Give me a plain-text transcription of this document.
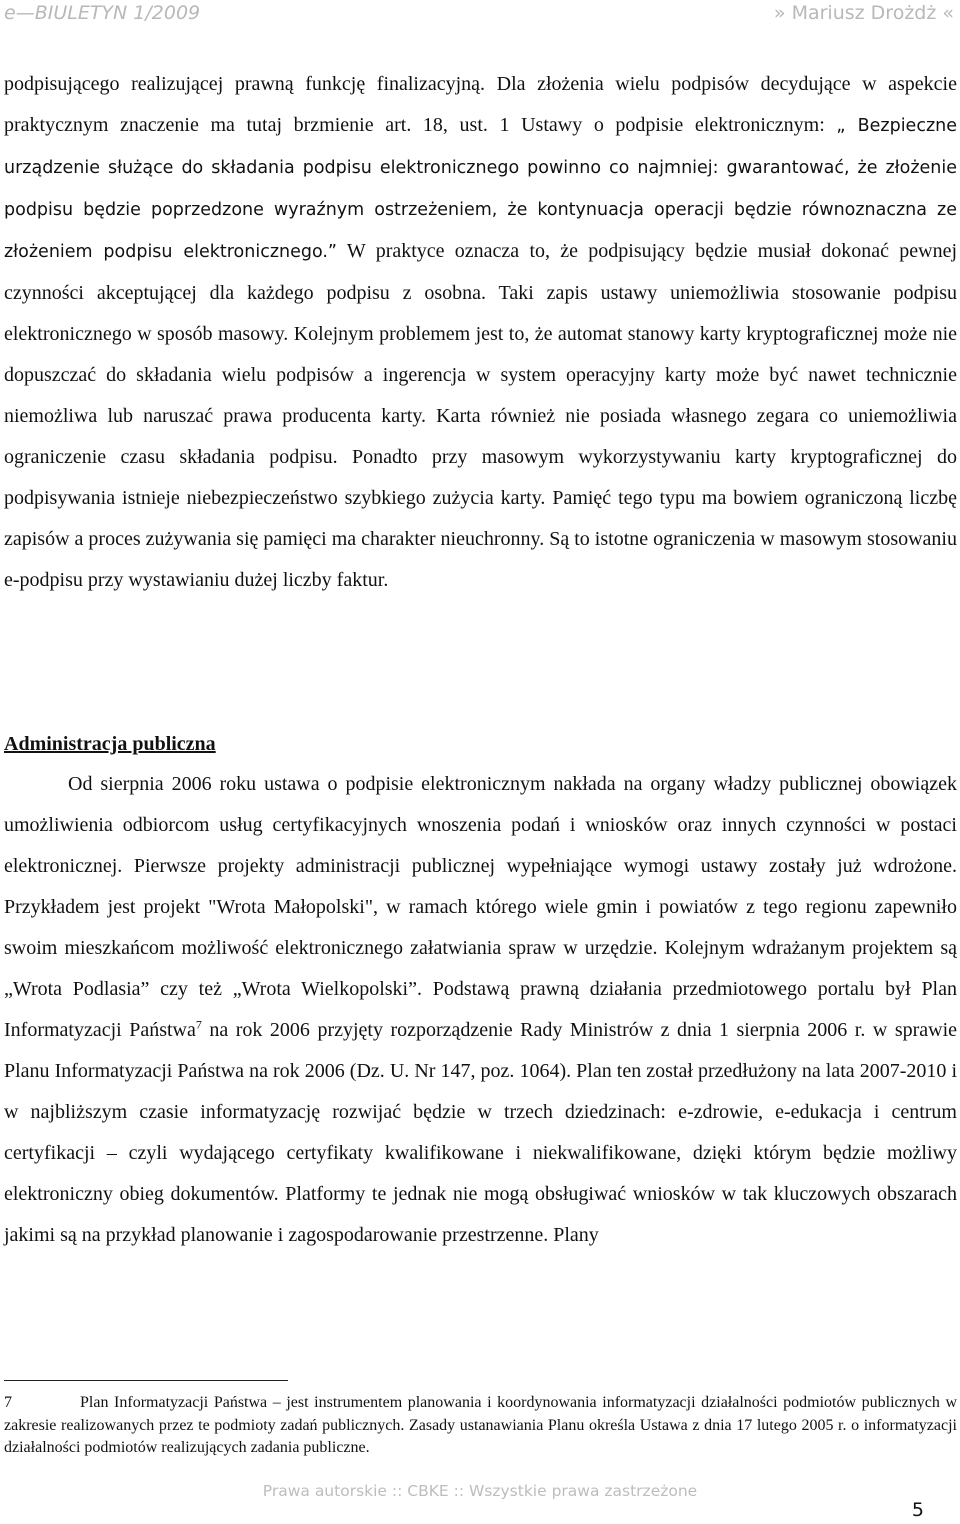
e—BIULETYN 1/2009	» Mariusz Drożdż «

podpisującego realizującej prawną funkcję finalizacyjną. Dla złożenia wielu podpisów decydujące w aspekcie praktycznym znaczenie ma tutaj brzmienie art. 18, ust. 1 Ustawy o podpisie elektronicznym: „ Bezpieczne urządzenie służące do składania podpisu elektronicznego powinno co najmniej: gwarantować, że złożenie podpisu będzie poprzedzone wyraźnym ostrzeżeniem, że kontynuacja operacji będzie równoznaczna ze złożeniem podpisu elektronicznego.” W praktyce oznacza to, że podpisujący będzie musiał dokonać pewnej czynności akceptującej dla każdego podpisu z osobna. Taki zapis ustawy uniemożliwia stosowanie podpisu elektronicznego w sposób masowy. Kolejnym problemem jest to, że automat stanowy karty kryptograficznej może nie dopuszczać do składania wielu podpisów a ingerencja w system operacyjny karty może być nawet technicznie niemożliwa lub naruszać prawa producenta karty. Karta również nie posiada własnego zegara co uniemożliwia ograniczenie czasu składania podpisu. Ponadto przy masowym wykorzystywaniu karty kryptograficznej do podpisywania istnieje niebezpieczeństwo szybkiego zużycia karty. Pamięć tego typu ma bowiem ograniczoną liczbę zapisów a proces zużywania się pamięci ma charakter nieuchronny. Są to istotne ograniczenia w masowym stosowaniu e-podpisu przy wystawianiu dużej liczby faktur.

Administracja publiczna

Od sierpnia 2006 roku ustawa o podpisie elektronicznym nakłada na organy władzy publicznej obowiązek umożliwienia odbiorcom usług certyfikacyjnych wnoszenia podań i wniosków oraz innych czynności w postaci elektronicznej. Pierwsze projekty administracji publicznej wypełniające wymogi ustawy zostały już wdrożone. Przykładem jest projekt "Wrota Małopolski", w ramach którego wiele gmin i powiatów z tego regionu zapewniło swoim mieszkańcom możliwość elektronicznego załatwiania spraw w urzędzie. Kolejnym wdrażanym projektem są „Wrota Podlasia” czy też „Wrota Wielkopolski”. Podstawą prawną działania przedmiotowego portalu był Plan Informatyzacji Państwa$^7$ na rok 2006 przyjęty rozporządzenie Rady Ministrów z dnia 1 sierpnia 2006 r. w sprawie Planu Informatyzacji Państwa na rok 2006 (Dz. U. Nr 147, poz. 1064). Plan ten został przedłużony na lata 2007-2010 i w najbliższym czasie informatyzację rozwijać będzie w trzech dziedzinach: e-zdrowie, e-edukacja i centrum certyfikacji – czyli wydającego certyfikaty kwalifikowane i niekwalifikowane, dzięki którym będzie możliwy elektroniczny obieg dokumentów. Platformy te jednak nie mogą obsługiwać wniosków w tak kluczowych obszarach jakimi są na przykład planowanie i zagospodarowanie przestrzenne. Plany

7	Plan Informatyzacji Państwa – jest instrumentem planowania i koordynowania informatyzacji działalności podmiotów publicznych w zakresie realizowanych przez te podmioty zadań publicznych. Zasady ustanawiania Planu określa Ustawa z dnia 17 lutego 2005 r. o informatyzacji działalności podmiotów realizujących zadania publiczne.

Prawa autorskie :: CBKE :: Wszystkie prawa zastrzeżone
5
